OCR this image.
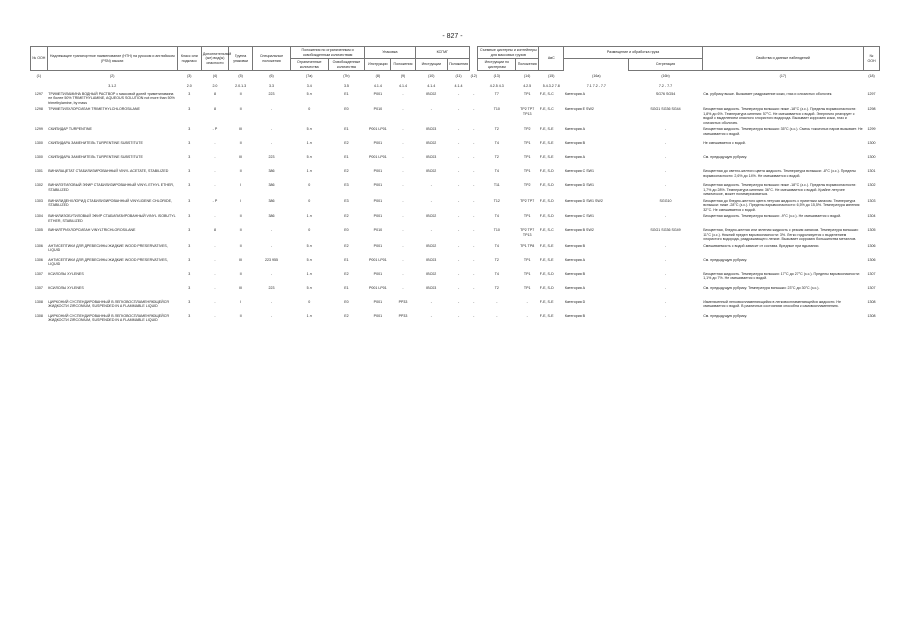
- 827 -
№ ООН	Надлежащее транспортное наименование (НТН) на русском и английском (PSN) языках	Класс или подкласс	Дополнительный (ые) вид(ы) опасности	Группа упаковки	Специальные положения	Положения по ограниченным и освобожденным количествам		Упаковка		КСГМГ			Съемные цистерны и контейнеры для массовых грузов		АвС	Размещение и обработка груза		Свойства и данные наблюдений	№ ООН
						Ограниченные количества	Освобожденные количества	Инструкции	Положения	Инструкции	Положения		Инструкции по цистернам	Положения			Сегрегация		

(1)	(2)	(3)	(4)	(5)	(6)	(7a)	(7b)	(8)	(9)	(10)	(11)	(12)	(13)	(14)	(15)	(16a)	(16b)	(17)	(18)
	3.1.2	2.0	2.0	2.0.1.3	3.3	3.4	3.5	4.1.4	4.1.4	4.1.4	4.1.4		4.2.5 4.3	4.2.5	5.4.3.2 7.8	7.1 7.2 - 7.7	7.2 - 7.7		
1297	ТРИМЕТИЛАМИНА ВОДНЫЙ РАСТВОР с массовой долей триметиламина не более 50% TRIMETHYLAMINE, AQUEOUS SOLUTION not more than 50% trimethylamine, by mass	3	8	II	223	5 л	E1	P001	-	IBC02	-	-	T7	TP1	F-E, S-C	Категория А	SG76 SG54	См. рубрику выше. Вызывает раздражение кожи, глаз и слизистых оболочек.	1297
1298	ТРИМЕТИЛХЛОРСИЛАН TRIMETHYLCHLOROSILANE	3	8	II	-	0	E0	P010	-	-	-	-	T10	TP2 TP7 TP13	F-E, S-C	Категория Е SW2	SGG1 SG36 SG44	Бесцветная жидкость. Температура вспышки: ниже -18°C (з.с.). Пределы взрывоопасности: 1,8% до 6%. Температура кипения: 57°C. Не смешивается с водой. Энергично реагирует с водой с выделением опасного хлористого водорода. Вызывает коррозию кожи, глаз и слизистых оболочек.	1298
1299	СКИПИДАР TURPENTINE	3	- P	III	-	5 л	E1	P001 LP01	-	IBC03	-	-	T2	TP2	F-E, S-E	Категория А	-	Бесцветная жидкость. Температура вспышки: 35°C (з.с.). Смесь токсичных паров вызывает. Не смешивается с водой.	1299
1300	СКИПИДАРА ЗАМЕНИТЕЛЬ TURPENTINE SUBSTITUTE	3	-	II	-	1 л	E2	P001	-	IBC02	-	-	T4	TP1	F-E, S-E	Категория В	-	Не смешивается с водой.	1300
1300	СКИПИДАРА ЗАМЕНИТЕЛЬ TURPENTINE SUBSTITUTE	3	-	III	223	5 л	E1	P001 LP01	-	IBC03	-	-	T2	TP1	F-E, S-E	Категория А	-	См. предыдущую рубрику.	1300
1301	ВИНИЛАЦЕТАТ СТАБИЛИЗИРОВАННЫЙ VINYL ACETATE, STABILIZED	3	-	II	386	1 л	E2	P001	-	IBC02	-	-	T4	TP1	F-E, S-D	Категория С SW1	-	Бесцветная до светло-желтого цвета жидкость. Температура вспышки: -8°C (з.с.). Пределы взрывоопасности: 2,6% до 14%. Не смешивается с водой.	1301
1302	ВИНИЛЭТИЛОВЫЙ ЭФИР СТАБИЛИЗИРОВАННЫЙ VINYL ETHYL ETHER, STABILIZED	3	-	I	386	0	E3	P001	-	-	-	-	T11	TP2	F-E, S-D	Категория D SW1	-	Бесцветная жидкость. Температура вспышки: ниже -18°C (з.с.). Пределы взрывоопасности: 1,7% до 28%. Температура кипения: 36°C. Не смешивается с водой. Крайне летучее химическое, может полимеризоваться.	1302
1303	ВИНИЛИДЕНХЛОРИД СТАБИЛИЗИРОВАННЫЙ VINYLIDENE CHLORIDE, STABILIZED	3	- P	I	386	0	E3	P001	-	-	-	-	T12	TP2 TP7	F-E, S-D	Категория D SW1 SW2	SGG10	Бесцветная до бледно-желтого цвета летучая жидкость с приятным запахом. Температура вспышки: ниже -28°C (з.с.). Пределы взрывоопасности: 6,5% до 15,5%. Температура кипения: 32°C. Не смешивается с водой.	1303
1304	ВИНИЛИЗОБУТИЛОВЫЙ ЭФИР СТАБИЛИЗИРОВАННЫЙ VINYL ISOBUTYL ETHER, STABILIZED	3	-	II	386	1 л	E2	P001	-	IBC02	-	-	T4	TP1	F-E, S-D	Категория С SW1	-	Бесцветная жидкость. Температура вспышки: -9°C (з.с.). Не смешивается с водой.	1304
1305	ВИНИЛТРИХЛОРСИЛАН VINYLTRICHLOROSILANE	3	8	II	-	0	E0	P010	-	-	-	-	T10	TP2 TP7 TP13	F-E, S-C	Категория В SW2	SGG1 SG36 SG49	Бесцветная, бледно-желтая или зеленая жидкость с резким запахом. Температура вспышки: 11°C (з.с.). Нижний предел взрывоопасности: 3%. Легко гидролизуется с выделением хлористого водорода, раздражающего легкие. Вызывает коррозию большинства металлов.	1305
1306	АНТИСЕПТИКИ ДЛЯ ДРЕВЕСИНЫ ЖИДКИЕ WOOD PRESERVATIVES, LIQUID	3	-	II	-	5 л	E2	P001	-	IBC02	-	-	T4	TP1 TP8	F-E, S-E	Категория В	-	Смешиваемость с водой зависит от состава. Вредные при вдыхании.	1306
1306	АНТИСЕПТИКИ ДЛЯ ДРЕВЕСИНЫ ЖИДКИЕ WOOD PRESERVATIVES, LIQUID	3	-	III	223 955	5 л	E1	P001 LP01	-	IBC03	-	-	T2	TP1	F-E, S-E	Категория А	-	См. предыдущую рубрику.	1306
1307	КСИЛОЛЫ XYLENES	3	-	II	-	1 л	E2	P001	-	IBC02	-	-	T4	TP1	F-E, S-D	Категория В	-	Бесцветная жидкость. Температура вспышки: 17°C до 27°C (з.с.). Пределы взрывоопасности: 1,1% до 7%. Не смешивается с водой.	1307
1307	КСИЛОЛЫ XYLENES	3	-	III	223	5 л	E1	P001 LP01	-	IBC03	-	-	T2	TP1	F-E, S-D	Категория А	-	См. предыдущую рубрику. Температура вспышки: 23°C до 30°C (з.с.).	1307
1308	ЦИРКОНИЙ СУСПЕНДИРОВАННЫЙ В ЛЕГКОВОСПЛАМЕНЯЮЩЕЙСЯ ЖИДКОСТИ ZIRCONIUM, SUSPENDED IN A FLAMMABLE LIQUID	3	-	I	-	0	E0	P001	PP33	-	-	-	-	-	F-E, S-E	Категория D	-	Измельченный легковоспламеняющийся в легковоспламеняющейся жидкости. Не смешивается с водой. В различных состояниях способна к самовоспламенению.	1308
1308	ЦИРКОНИЙ СУСПЕНДИРОВАННЫЙ В ЛЕГКОВОСПЛАМЕНЯЮЩЕЙСЯ ЖИДКОСТИ ZIRCONIUM, SUSPENDED IN A FLAMMABLE LIQUID	3	-	II	-	1 л	E2	P001	PP33	-	-	-	-	-	F-E, S-E	Категория В	-	См. предыдущую рубрику.	1308
